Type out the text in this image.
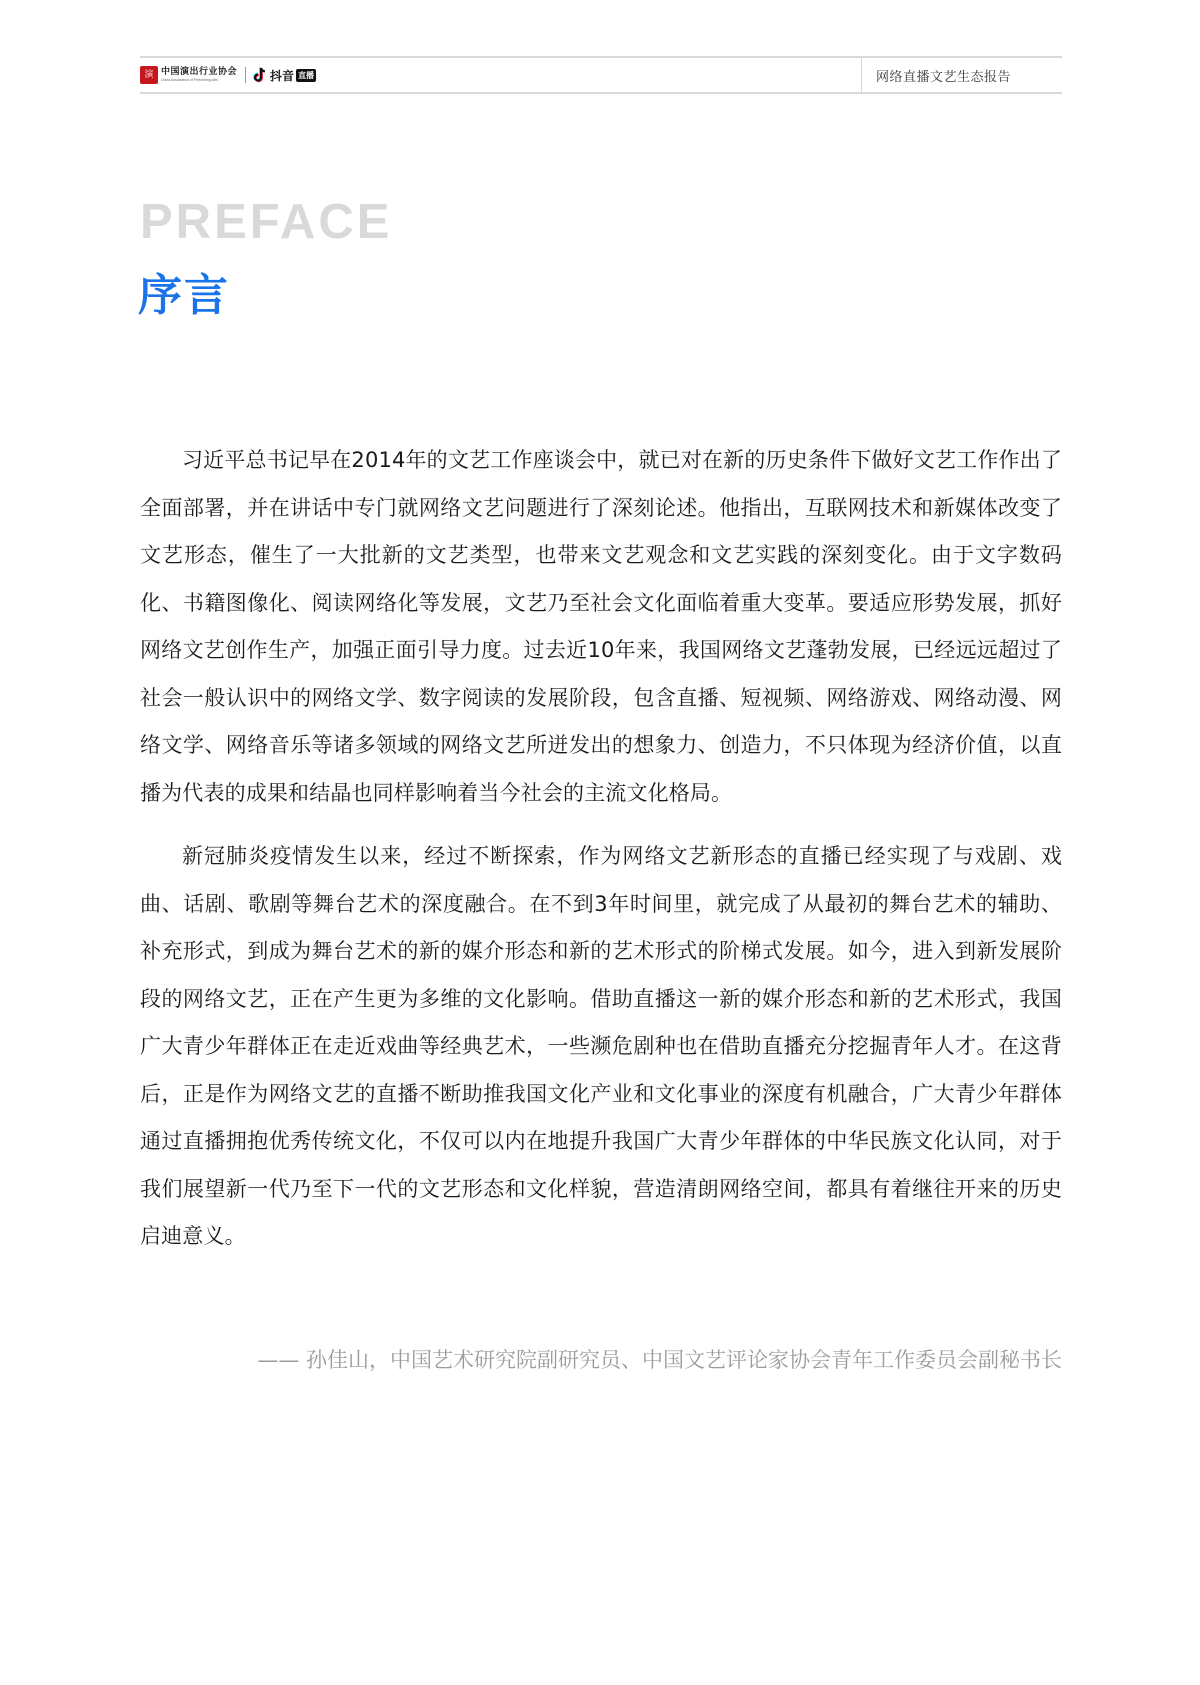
演 中国演出行业协会
China Association of Performing Arts	抖音 直播	网络直播文艺生态报告
PREFACE
序言

习近平总书记早在2014年的文艺工作座谈会中，就已对在新的历史条件下做好文艺工作作出了全面部署，并在讲话中专门就网络文艺问题进行了深刻论述。他指出，互联网技术和新媒体改变了文艺形态，催生了一大批新的文艺类型，也带来文艺观念和文艺实践的深刻变化。由于文字数码化、书籍图像化、阅读网络化等发展，文艺乃至社会文化面临着重大变革。要适应形势发展，抓好网络文艺创作生产，加强正面引导力度。过去近10年来，我国网络文艺蓬勃发展，已经远远超过了社会一般认识中的网络文学、数字阅读的发展阶段，包含直播、短视频、网络游戏、网络动漫、网络文学、网络音乐等诸多领域的网络文艺所迸发出的想象力、创造力，不只体现为经济价值，以直播为代表的成果和结晶也同样影响着当今社会的主流文化格局。

新冠肺炎疫情发生以来，经过不断探索，作为网络文艺新形态的直播已经实现了与戏剧、戏曲、话剧、歌剧等舞台艺术的深度融合。在不到3年时间里，就完成了从最初的舞台艺术的辅助、补充形式，到成为舞台艺术的新的媒介形态和新的艺术形式的阶梯式发展。如今，进入到新发展阶段的网络文艺，正在产生更为多维的文化影响。借助直播这一新的媒介形态和新的艺术形式，我国广大青少年群体正在走近戏曲等经典艺术，一些濒危剧种也在借助直播充分挖掘青年人才。在这背后，正是作为网络文艺的直播不断助推我国文化产业和文化事业的深度有机融合，广大青少年群体通过直播拥抱优秀传统文化，不仅可以内在地提升我国广大青少年群体的中华民族文化认同，对于我们展望新一代乃至下一代的文艺形态和文化样貌，营造清朗网络空间，都具有着继往开来的历史启迪意义。

—— 孙佳山，中国艺术研究院副研究员、中国文艺评论家协会青年工作委员会副秘书长
